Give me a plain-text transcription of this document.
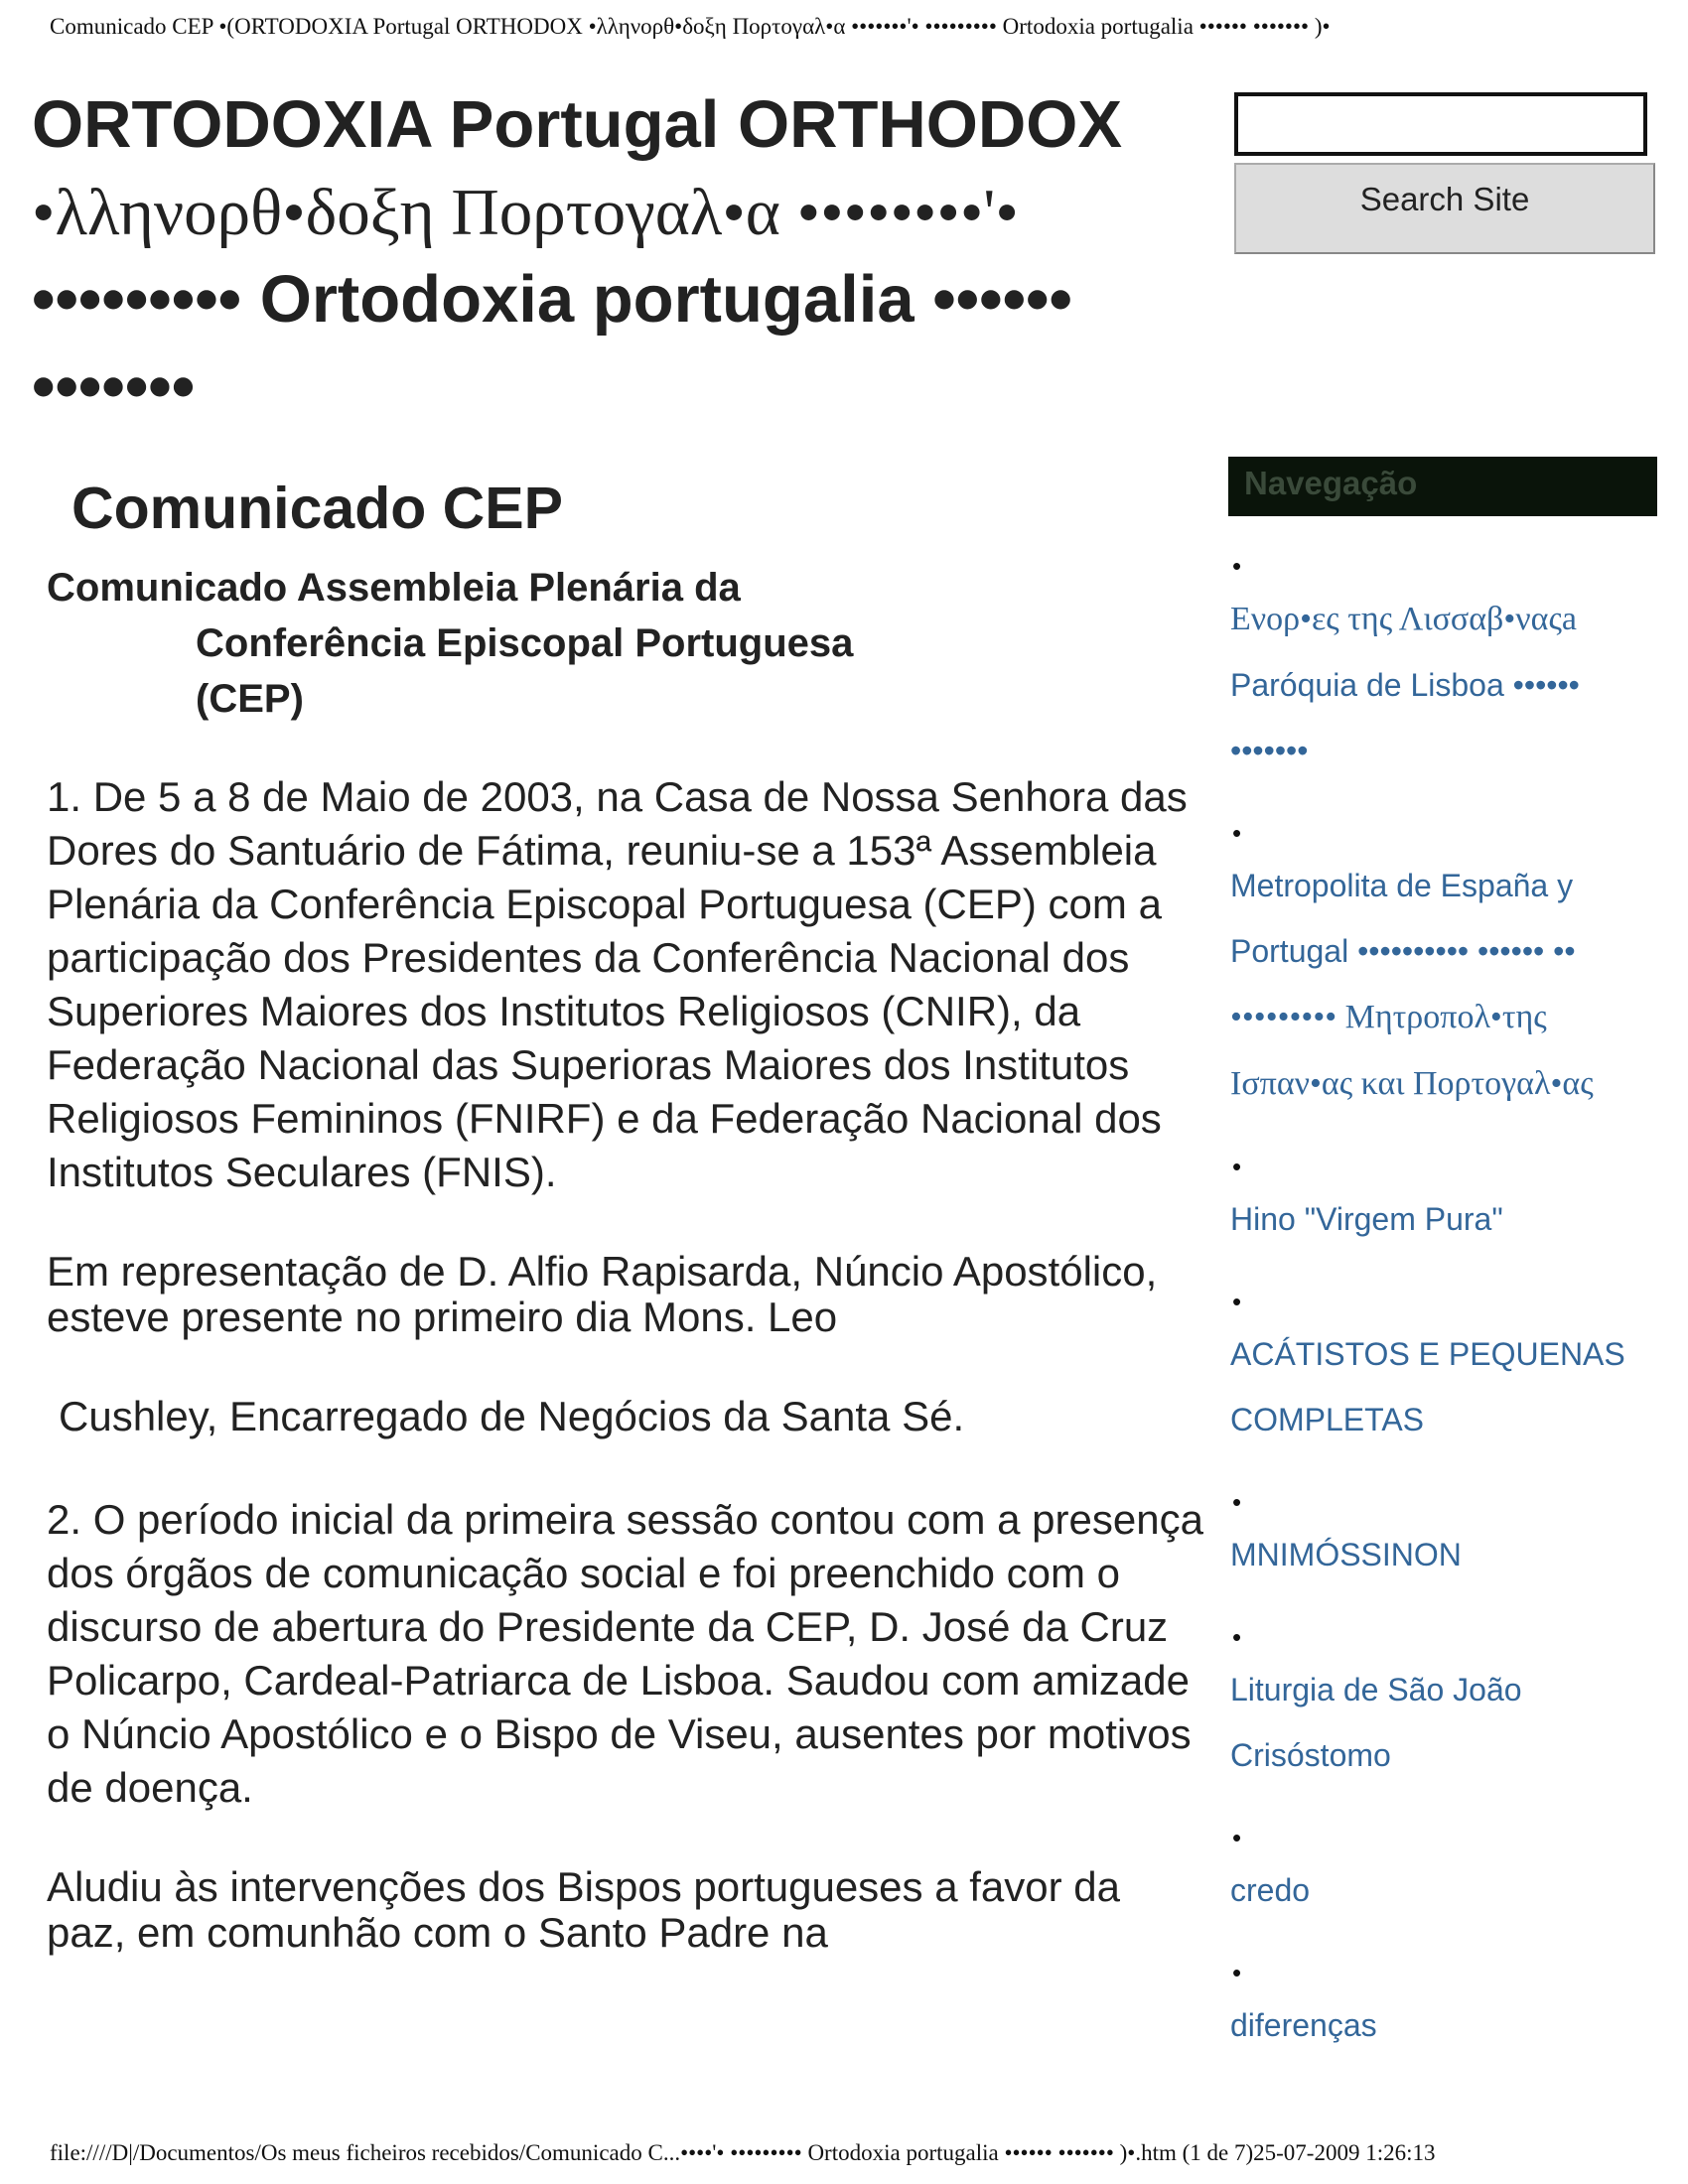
Comunicado CEP •(ORTODOXIA Portugal ORTHODOX •λληνορθ•δοξη Πορτογαλ•α •••••••'• ••••••••• Ortodoxia portugalia •••••• ••••••• )•
ORTODOXIA Portugal ORTHODOX
•λληνορθ•δοξη Πορτογαλ•α ••••••••'•
••••••••• Ortodoxia portugalia ••••••
•••••••
Search Site
Comunicado CEP
Comunicado Assembleia Plenária da
Conferência Episcopal Portuguesa
(CEP)

1. De 5 a 8 de Maio de 2003, na Casa de Nossa Senhora das Dores do Santuário de Fátima, reuniu-se a 153ª Assembleia Plenária da Conferência Episcopal Portuguesa (CEP) com a participação dos Presidentes da Conferência Nacional dos Superiores Maiores dos Institutos Religiosos (CNIR), da Federação Nacional das Superioras Maiores dos Institutos Religiosos Femininos (FNIRF) e da Federação Nacional dos Institutos Seculares (FNIS).

Em representação de D. Alfio Rapisarda, Núncio Apostólico, esteve presente no primeiro dia Mons. Leo

Cushley, Encarregado de Negócios da Santa Sé.

2. O período inicial da primeira sessão contou com a presença dos órgãos de comunicação social e foi preenchido com o discurso de abertura do Presidente da CEP, D. José da Cruz Policarpo, Cardeal-Patriarca de Lisboa. Saudou com amizade o Núncio Apostólico e o Bispo de Viseu, ausentes por motivos de doença.

Aludiu às intervenções dos Bispos portugueses a favor da paz, em comunhão com o Santo Padre na

Navegação
•
Ενορ•ες της Λισσαβ•ναςa
Paróquia de Lisboa ••••••
•••••••
•
Metropolita de España y
Portugal •••••••••• •••••• ••
••••••••• Μητροπολ•της
Ισπαν•ας και Πορτογαλ•ας
•
Hino "Virgem Pura"
•
ACÁTISTOS E PEQUENAS
COMPLETAS
•
MNIMÓSSINON
•
Liturgia de São João
Crisóstomo
•
credo
•
diferenças
file:////D|/Documentos/Os meus ficheiros recebidos/Comunicado C...••••'• ••••••••• Ortodoxia portugalia •••••• ••••••• )•.htm (1 de 7)25-07-2009 1:26:13
